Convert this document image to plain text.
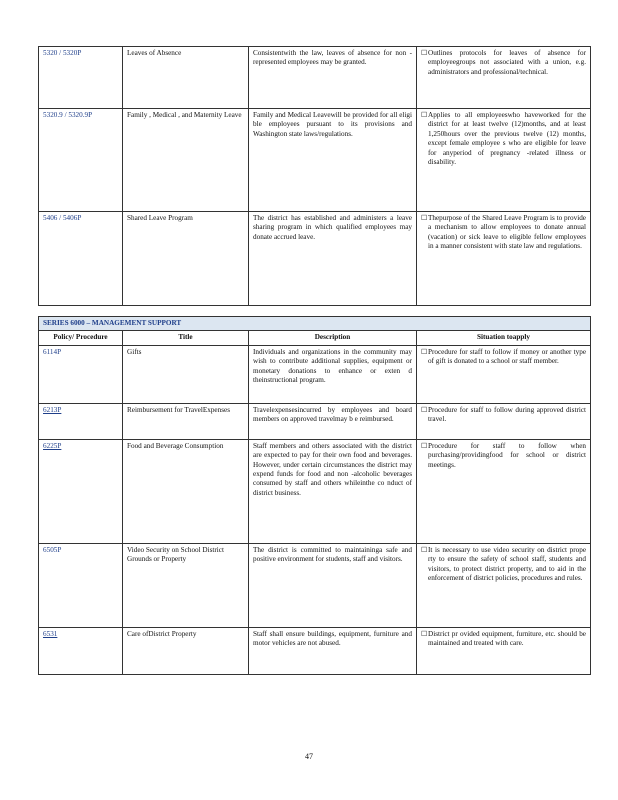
5320 / 5320P	Leaves of Absence	Consistentwith the law, leaves of absence for non -represented employees may be granted.	☐ Outlines protocols for leaves of absence for employeegroups not associated with a union, e.g. administrators and professional/technical.

5320.9 / 5320.9P	Family , Medical , and Maternity Leave	Family and Medical Leavewill be provided for all eligi ble employees pursuant to its provisions and Washington state laws/regulations.	☐ Applies to all employeeswho haveworked for the district for at least twelve (12)months, and at least 1,250hours over the previous twelve (12) months, except female employee s who are eligible for leave for anyperiod of pregnancy -related illness or disability.

5406 / 5406P	Shared Leave Program	The district has established and administers a leave sharing program in which qualified employees may donate accrued leave.	☐ Thepurpose of the Shared Leave Program is to provide a mechanism to allow employees to donate annual (vacation) or sick leave to eligible fellow employees in a manner consistent with state law and regulations.
SERIES 6000 – MANAGEMENT SUPPORT			
Policy/ Procedure	Title	Description	Situation toapply
6114P	Gifts	Individuals and organizations in the community may wish to contribute additional supplies, equipment or monetary donations to enhance or exten d theinstructional program.	☐ Procedure for staff to follow if money or another type of gift is donated to a school or staff member.

6213P	Reimbursement for TravelExpenses	Travelexpensesincurred by employees and board members on approved travelmay b e reimbursed.	☐ Procedure for staff to follow during approved district travel.

6225P	Food and Beverage Consumption	Staff members and others associated with the district are expected to pay for their own food and beverages. However, under certain circumstances the district may expend funds for food and non -alcoholic beverages consumed by staff and others whileinthe co nduct of district business.	☐ Procedure for staff to follow when purchasing/providingfood for school or district meetings.

6505P	Video Security on School District Grounds or Property	The district is committed to maintaininga safe and positive environment for students, staff and visitors.	☐ It is necessary to use video security on district prope rty to ensure the safety of school staff, students and visitors, to protect district property, and to aid in the enforcement of district policies, procedures and rules.

6531	Care ofDistrict Property	Staff shall ensure buildings, equipment, furniture and motor vehicles are not abused.	☐ District pr ovided equipment, furniture, etc. should be maintained and treated with care.
47
